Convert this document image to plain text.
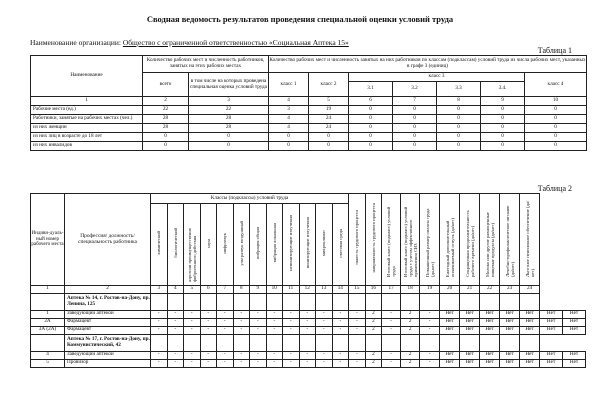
Сводная ведомость результатов проведения специальной оценки условий труда
Наименование организации: Общество с ограниченной ответственностью «Социальная Аптека 15»
Таблица 1
Наименование	Количество рабочих мест и численность работников, занятых на этих рабочих местах		Количество рабочих мест и численность занятых на них работников по классам (подклассам) условий труда из числа рабочих мест, указанных в графе 3 (единиц)						
	всего	в том числе на которых проведена специальная оценка условий труда	класс 1	класс 2	класс 3				класс 4
					3.1	3.2	3.3	3.4.	
1	2	3	4	5	6	7	8	9	10
Рабочие места (ед.)	22	22	3	19	0	0	0	0	0
Работники, занятые на рабочих местах (чел.)	28	28	4	24	0	0	0	0	0
из них женщин	28	28	4	24	0	0	0	0	0
из них лиц в возрасте до 18 лет	0	0	0	0	0	0	0	0	0
из них инвалидов	0	0	0	0	0	0	0	0	0
Таблица 2
Индиви-дуаль-ный номер рабочего места	Профессия/ должность/ специальность работника	Классы (подклассы) условий труда												тяжесть трудового процесса	напряженность трудового процесса	Итоговый класс (подкласс) условий труда	Итоговый класс (подкласс) условий труда с учетом эффективного применения СИЗ	Повышенный размер оплаты труда (да,нет)	Ежегодный дополнительный оплачиваемый отпуск (да/нет)	Сокращенная продолжительность рабочего времени (да/нет)	Молоко или другие равноценные пищевые продукты (да/нет)	Лечебно-профилактическое питание (да/нет)	Льготное пенсионное обеспечение (да/нет)		
		химический	биологический	аэрозоли преимущественно фиброгенного действия	шум	инфразвук	ультразвук воздушный	вибрация общая	вибрация локальная	неионизирующие излучения	ионизирующие излучения	микроклимат	световая среда												
1	2	3	4	5	6	7	8	9	10	11	12	13	14	15	16	17	18	19	20	21	22	23	24		
	Аптека № 14, г. Ростов-на-Дону, пр. Ленина, 125																								
1	Заведующий аптекой	-	-	-	-	-	-	-	-	-	-	-	-	-	2	-	2	-	Нет	Нет	Нет	Нет	Нет	Нет	Нет
2А	Фармацевт	-	-	-	-	-	-	-	-	-	-	-	-	-	2	-	2	-	Нет	Нет	Нет	Нет	Нет	Нет	Нет
3А (2А)	Фармацевт	-	-	-	-	-	-	-	-	-	-	-	-	-	2	-	2	-	Нет	Нет	Нет	Нет	Нет	Нет	Нет
	Аптека № 17, г. Ростов-на-Дону, пр. Коммунистический, 42																								
4	Заведующий аптекой	-	-	-	-	-	-	-	-	-	-	-	-	-	2	-	2	-	Нет	Нет	Нет	Нет	Нет	Нет	Нет
5	Провизор	-	-	-	-	-	-	-	-	-	-	-	-	-	2	-	2	-	Нет	Нет	Нет	Нет	Нет	Нет	Нет
